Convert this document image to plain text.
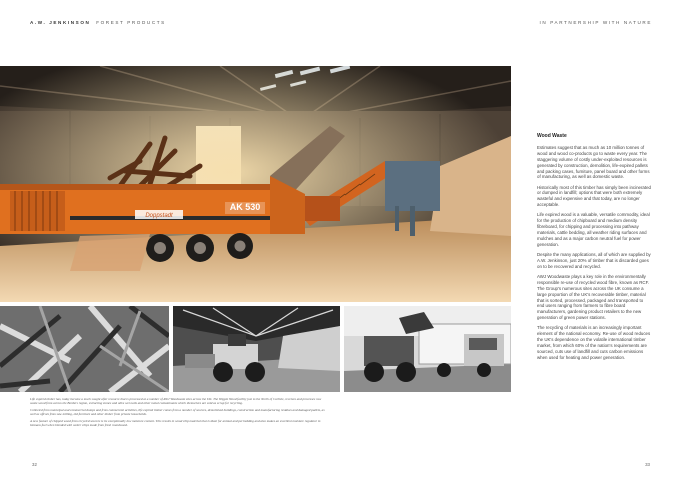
A.W. JENKINSON FOREST PRODUCTS	IN PARTNERSHIP WITH NATURE
AK 530
Doppstadt

Life expired timber has, today become a much sought after resource that is processed at a number of AWJ Woodwaste sites across the UK. The Wigpin Wood facility just to the North of Carlisle, receives and processes raw waste wood from across the Borders region, extracting stones and ultra wet nails and other metal contaminants which themselves are sold as scrap for recycling.

Collected from municipal and commercial dumps and from commercial activities, life expired timber comes from a number of sources, demolished buildings, construction and manufacturing residues and damaged pallets, as well as offcuts from saw milling, old furniture and other timber from private households.

A new feature of chipped wood from recycled sources is its exceptionally low moisture content. This results in wood chip material that is ideal for animal and pet bedding and also makes an excellent moisture regulator in biomass fuel when blended with wetter chips made from fresh roundwood.

Wood Waste

Estimates suggest that as much as 10 million tonnes of wood and wood co-products go to waste every year. The staggering volume of costly under-exploited resources is generated by construction, demolition, life-expired pallets and packing cases, furniture, panel board and other forms of manufacturing, as well as domestic waste.

Historically most of this timber has simply been incinerated or dumped in landfill; options that were both extremely wasteful and expensive and that today, are no longer acceptable.

Life expired wood is a valuable, versatile commodity, ideal for the production of chipboard and medium density fibreboard, for chipping and processing into pathway materials, cattle bedding, all weather riding surfaces and mulches and as a major carbon neutral fuel for power generation.

Despite the many applications, all of which are supplied by A.W. Jenkinson, just 20% of timber that is discarded goes on to be recovered and recycled.

AWJ Woodwaste plays a key role in the environmentally responsible re-use of recycled wood fibre, known as RCF. The Group's numerous sites across the UK consume a large proportion of the UK's recoverable timber, material that is sorted, processed, packaged and transported to end users ranging from farmers to fibre board manufacturers, gardening product retailers to the new generation of green power stations.

The recycling of materials is an increasingly important element of the national economy. Re-use of wood reduces the UK's dependence on the volatile international timber market, from which 60% of the nation's requirements are sourced, cuts use of landfill and cuts carbon emissions when used for heating and power generation.

32	33
